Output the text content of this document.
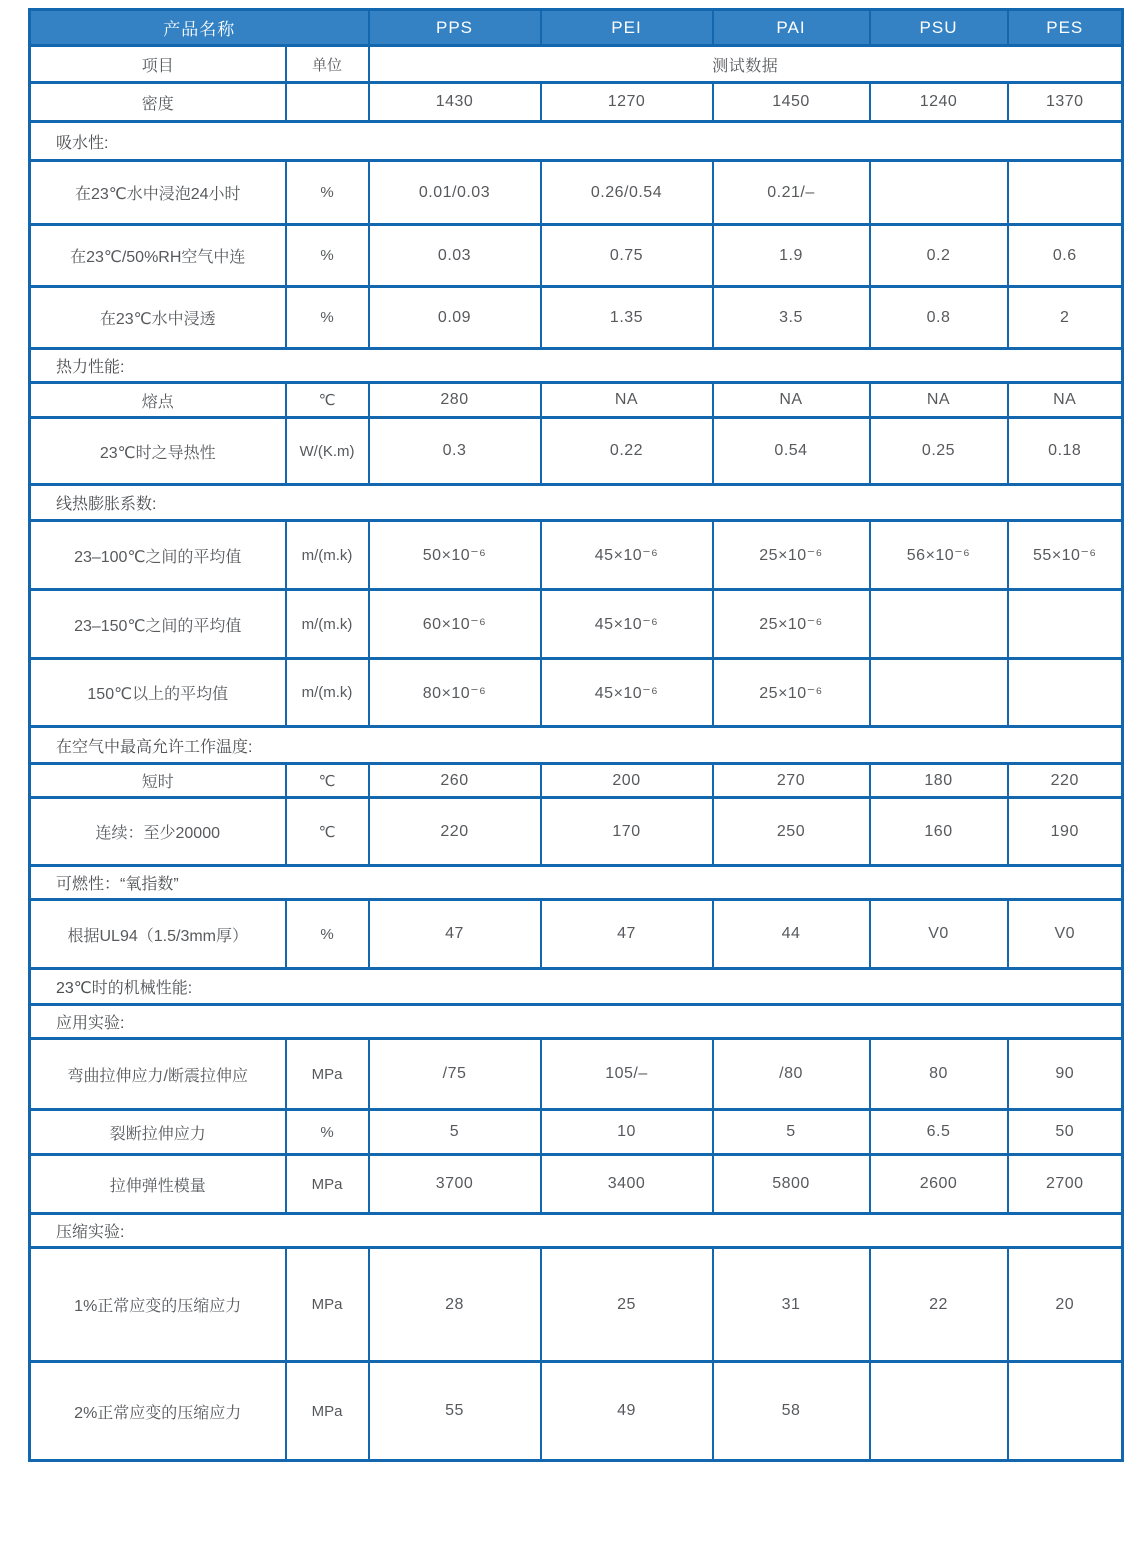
产品名称		PPS	PEI	PAI	PSU	PES
项目	单位	测试数据				
密度		1430	1270	1450	1240	1370
吸水性:						
在23℃水中浸泡24小时	%	0.01/0.03	0.26/0.54	0.21/–		
在23℃/50%RH空气中连	%	0.03	0.75	1.9	0.2	0.6
在23℃水中浸透	%	0.09	1.35	3.5	0.8	2
热力性能:						
熔点	℃	280	NA	NA	NA	NA
23℃时之导热性	W/(K.m)	0.3	0.22	0.54	0.25	0.18
线热膨胀系数:						
23–100℃之间的平均值	m/(m.k)	50×10⁻⁶	45×10⁻⁶	25×10⁻⁶	56×10⁻⁶	55×10⁻⁶
23–150℃之间的平均值	m/(m.k)	60×10⁻⁶	45×10⁻⁶	25×10⁻⁶		
150℃以上的平均值	m/(m.k)	80×10⁻⁶	45×10⁻⁶	25×10⁻⁶		
在空气中最高允许工作温度:						
短时	℃	260	200	270	180	220
连续：至少20000	℃	220	170	250	160	190
可燃性：“氧指数”						
根据UL94（1.5/3mm厚）	%	47	47	44	V0	V0
23℃时的机械性能:						
应用实验:						
弯曲拉伸应力/断震拉伸应	MPa	/75	105/–	/80	80	90
裂断拉伸应力	%	5	10	5	6.5	50
拉伸弹性模量	MPa	3700	3400	5800	2600	2700
压缩实验:						
1%正常应变的压缩应力	MPa	28	25	31	22	20
2%正常应变的压缩应力	MPa	55	49	58		
